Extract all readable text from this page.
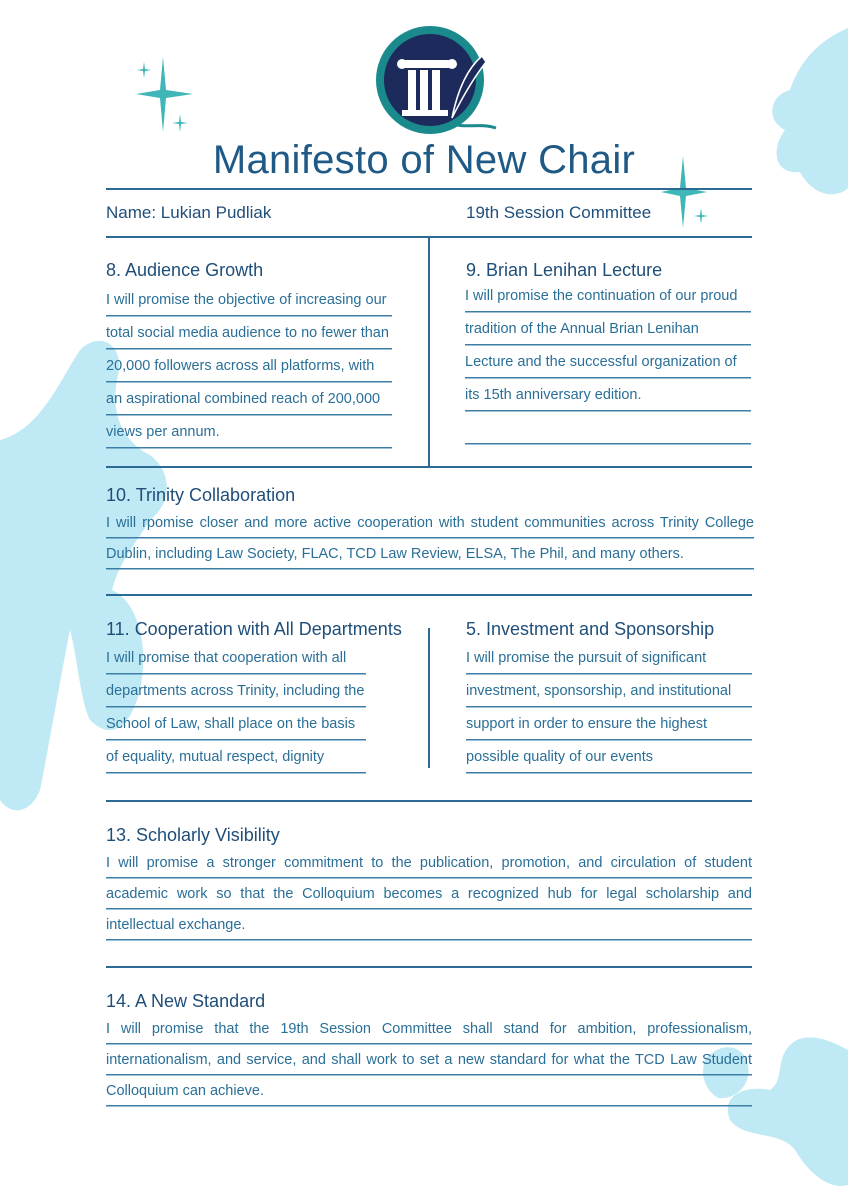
Manifesto of New Chair
Name: Lukian Pudliak	19th Session Committee
8. Audience Growth
I will promise the objective of increasing our total social media audience to no fewer than 20,000 followers across all platforms, with an aspirational combined reach of 200,000 views per annum.
9. Brian Lenihan Lecture
I will promise the continuation of our proud tradition of the Annual Brian Lenihan Lecture and the successful organization of its 15th anniversary edition.
10. Trinity Collaboration
I will rpomise closer and more active cooperation with student communities across Trinity College Dublin, including Law Society, FLAC, TCD Law Review, ELSA, The Phil, and many others.
11. Cooperation with All Departments
I will promise that cooperation with all departments across Trinity, including the School of Law, shall place on the basis of equality, mutual respect, dignity
5. Investment and Sponsorship
I will promise the pursuit of significant investment, sponsorship, and institutional support in order to ensure the highest possible quality of our events
13. Scholarly Visibility
I will promise a stronger commitment to the publication, promotion, and circulation of student academic work so that the Colloquium becomes a recognized hub for legal scholarship and intellectual exchange.
14. A New Standard
I will promise that the 19th Session Committee shall stand for ambition, professionalism, internationalism, and service, and shall work to set a new standard for what the TCD Law Student Colloquium can achieve.
